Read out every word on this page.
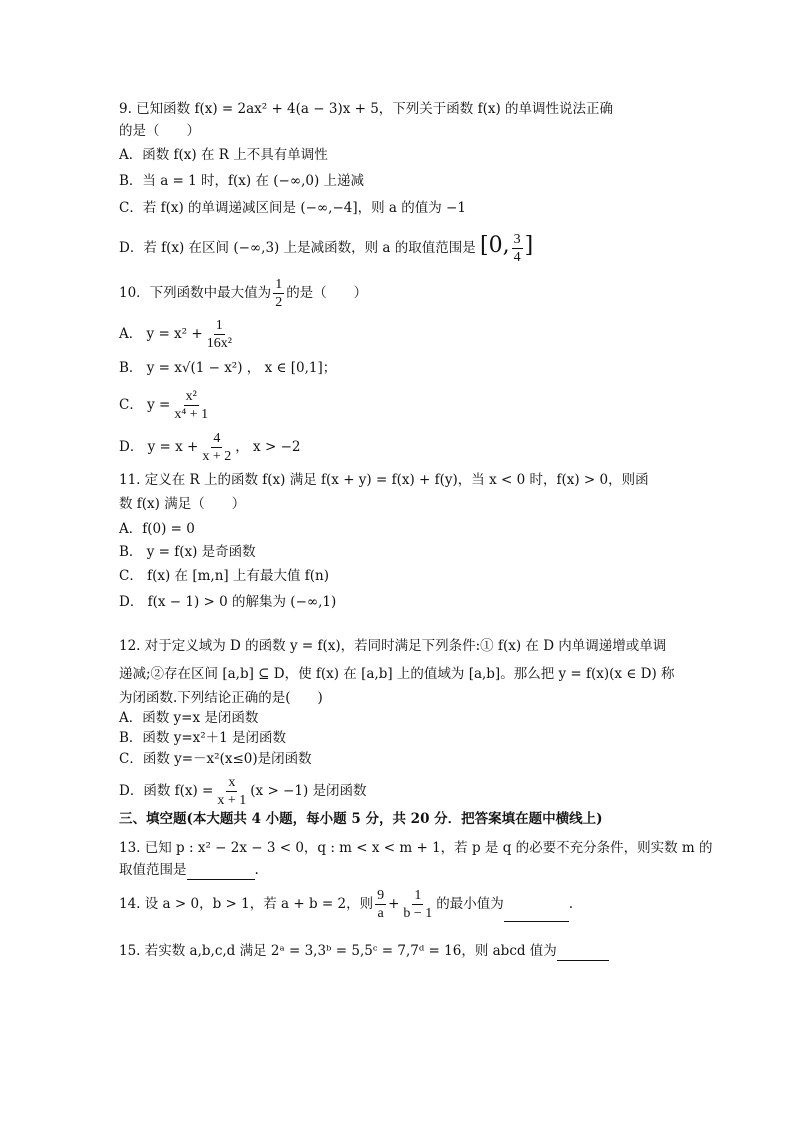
9. 已知函数 f(x) = 2ax² + 4(a − 3)x + 5，下列关于函数 f(x) 的单调性说法正确
的是（　　）
A．函数 f(x) 在 R 上不具有单调性
B．当 a = 1 时，f(x) 在 (−∞,0) 上递减
C．若 f(x) 的单调递减区间是 (−∞,−4]，则 a 的值为 −1
D．若 f(x) 在区间 (−∞,3) 上是减函数，则 a 的取值范围是 [0, $\frac{3}{4}$ ]
10．下列函数中最大值为 $\frac{1}{2}$ 的是（　　）
A． $y = x^2 + \frac{1}{\text{16x²}}$
B． y = x√(1 − x²) ， x ∈ [0,1]；
C． $y = \frac{\text{x²}}{\text{x⁴ + 1}}$
D． $y = x + \frac{4}{x + 2}$ ， x > −2
11. 定义在 R 上的函数 f(x) 满足 f(x + y) = f(x) + f(y)，当 x < 0 时，f(x) > 0，则函
数 f(x) 满足（　　）
A．f(0) = 0
B． y = f(x) 是奇函数
C． f(x) 在 [m,n] 上有最大值 f(n)
D． f(x − 1) > 0 的解集为 (−∞,1)
12. 对于定义域为 D 的函数 y = f(x)，若同时满足下列条件:① f(x) 在 D 内单调递增或单调
递减;②存在区间 [a,b] ⊆ D，使 f(x) 在 [a,b] 上的值域为 [a,b]。那么把 y = f(x)(x ∈ D) 称
为闭函数.下列结论正确的是(　　)
A．函数 y=x 是闭函数
B．函数 y=x²＋1 是闭函数
C．函数 y=－x²(x≤0)是闭函数
D．函数 $f(x) = \frac{x}{x + 1} (x > -1)$ 是闭函数
三、填空题(本大题共 4 小题，每小题 5 分，共 20 分．把答案填在题中横线上)
13. 已知 p : x² − 2x − 3 < 0，q : m < x < m + 1，若 p 是 q 的必要不充分条件，则实数 m 的
取值范围是	.
14. 设 a > 0，b > 1，若 a + b = 2，则 $\frac{9}{a} + \frac{1}{b - 1}$ 的最小值为	.
15. 若实数 a,b,c,d 满足 2ᵃ = 3,3ᵇ = 5,5ᶜ = 7,7ᵈ = 16，则 abcd 值为
